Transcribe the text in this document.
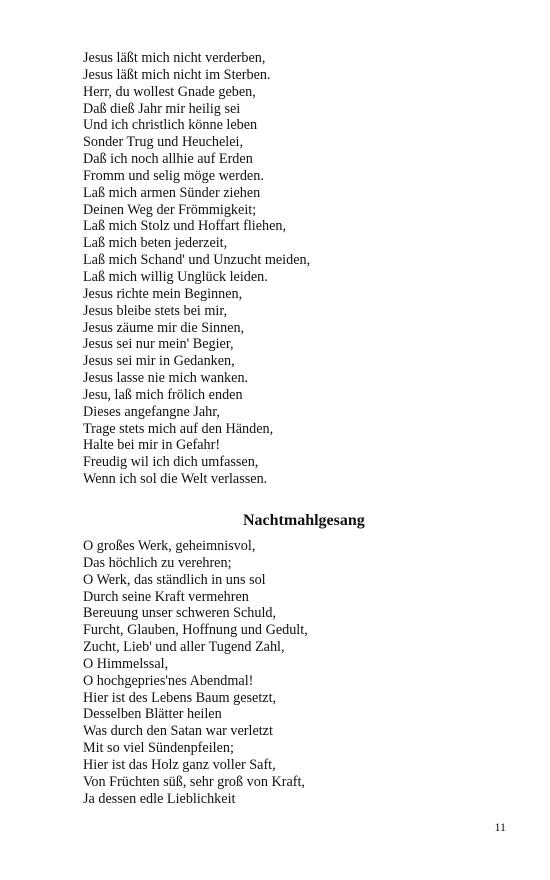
Jesus läßt mich nicht verderben,
Jesus läßt mich nicht im Sterben.
Herr, du wollest Gnade geben,
Daß dieß Jahr mir heilig sei
Und ich christlich könne leben
Sonder Trug und Heuchelei,
Daß ich noch allhie auf Erden
Fromm und selig möge werden.
Laß mich armen Sünder ziehen
Deinen Weg der Frömmigkeit;
Laß mich Stolz und Hoffart fliehen,
Laß mich beten jederzeit,
Laß mich Schand' und Unzucht meiden,
Laß mich willig Unglück leiden.
Jesus richte mein Beginnen,
Jesus bleibe stets bei mir,
Jesus zäume mir die Sinnen,
Jesus sei nur mein' Begier,
Jesus sei mir in Gedanken,
Jesus lasse nie mich wanken.
Jesu, laß mich frölich enden
Dieses angefangne Jahr,
Trage stets mich auf den Händen,
Halte bei mir in Gefahr!
Freudig wil ich dich umfassen,
Wenn ich sol die Welt verlassen.
Nachtmahlgesang
O großes Werk, geheimnisvol,
Das höchlich zu verehren;
O Werk, das ständlich in uns sol
Durch seine Kraft vermehren
Bereuung unser schweren Schuld,
Furcht, Glauben, Hoffnung und Gedult,
Zucht, Lieb' und aller Tugend Zahl,
O Himmelssal,
O hochgepries'nes Abendmal!
Hier ist des Lebens Baum gesetzt,
Desselben Blätter heilen
Was durch den Satan war verletzt
Mit so viel Sündenpfeilen;
Hier ist das Holz ganz voller Saft,
Von Früchten süß, sehr groß von Kraft,
Ja dessen edle Lieblichkeit
11
